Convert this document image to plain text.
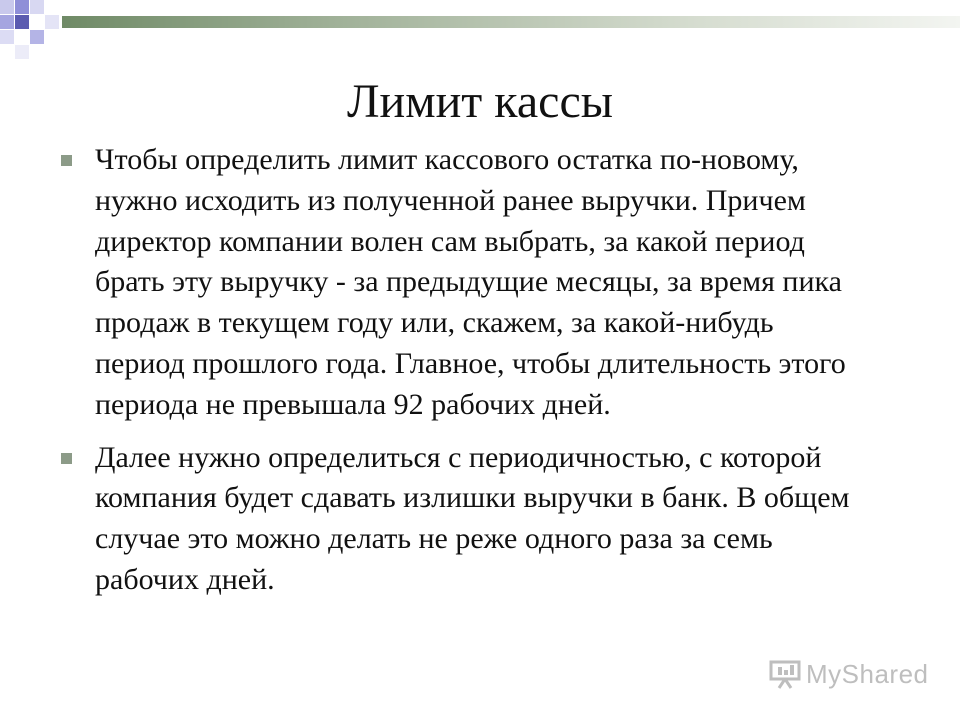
Лимит кассы
Чтобы определить лимит кассового остатка по-новому, нужно исходить из полученной ранее выручки. Причем директор компании волен сам выбрать, за какой период брать эту выручку - за предыдущие месяцы, за время пика продаж в текущем году или, скажем, за какой-нибудь период прошлого года. Главное, чтобы длительность этого периода не превышала 92 рабочих дней.
Далее нужно определиться с периодичностью, с которой компания будет сдавать излишки выручки в банк. В общем случае это можно делать не реже одного раза за семь рабочих дней.
MyShared
